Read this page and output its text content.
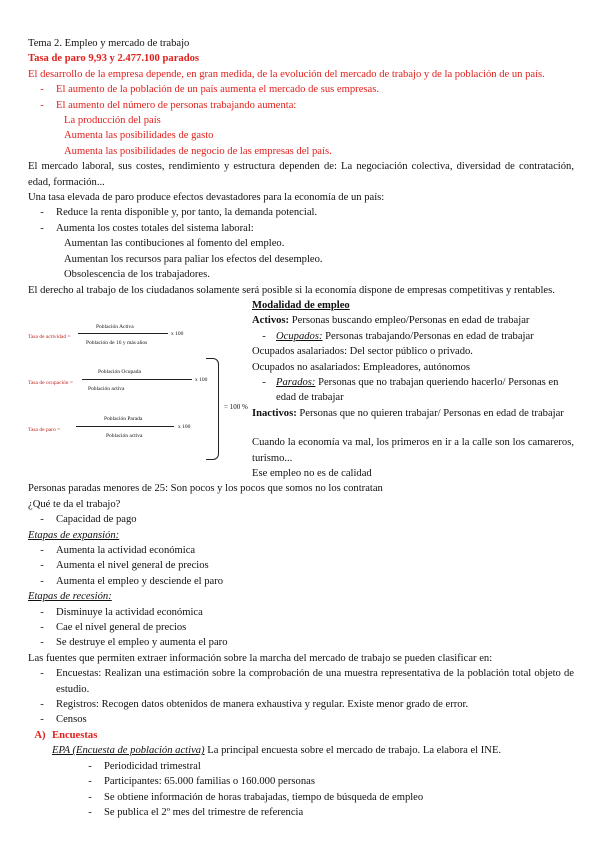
Tema 2. Empleo y mercado de trabajo
Tasa de paro 9,93 y 2.477.100 parados
El desarrollo de la empresa depende, en gran medida, de la evolución del mercado de trabajo y de la población de un país.
-	El aumento de la población de un país aumenta el mercado de sus empresas.
-	El aumento del número de personas trabajando aumenta:
La producción del país
Aumenta las posibilidades de gasto
Aumenta las posibilidades de negocio de las empresas del país.
El mercado laboral, sus costes, rendimiento y estructura dependen de: La negociación colectiva, diversidad de contratación, edad, formación...
Una tasa elevada de paro produce efectos devastadores para la economía de un país:
-	Reduce la renta disponible y, por tanto, la demanda potencial.
-	Aumenta los costes totales del sistema laboral:
Aumentan las contibuciones al fomento del empleo.
Aumentan los recursos para paliar los efectos del desempleo.
Obsolescencia de los trabajadores.
El derecho al trabajo de los ciudadanos solamente será posible si la economía dispone de empresas competitivas y rentables.
Tasa de actividad =
Población Activa
Población de 16 y más años
x 100
Tasa de ocupación =
Población Ocupada
Población activa
x 100
Tasa de paro =
Población Parada
Población activa
x 100
= 100 %
Modalidad de empleo
Activos: Personas buscando empleo/Personas en edad de trabajar
- Ocupados: Personas trabajando/Personas en edad de trabajar
Ocupados asalariados: Del sector público o privado.
Ocupados no asalariados: Empleadores, autónomos
- Parados: Personas que no trabajan queriendo hacerlo/ Personas en edad de trabajar
Inactivos: Personas que no quieren trabajar/ Personas en edad de trabajar
Cuando la economía va mal, los primeros en ir a la calle son los camareros, turismo...
Ese empleo no es de calidad
Personas paradas menores de 25: Son pocos y los pocos que somos no los contratan
¿Qué te da el trabajo?
-	Capacidad de pago
Etapas de expansión:
-	Aumenta la actividad económica
-	Aumenta el nivel general de precios
-	Aumenta el empleo y desciende el paro
Etapas de recesión:
-	Disminuye la actividad económica
-	Cae el nivel general de precios
-	Se destruye el empleo y aumenta el paro
Las fuentes que permiten extraer información sobre la marcha del mercado de trabajo se pueden clasificar en:
-	Encuestas: Realizan una estimación sobre la comprobación de una muestra representativa de la población total objeto de estudio.
-	Registros: Recogen datos obtenidos de manera exhaustiva y regular. Existe menor grado de error.
-	Censos
A) Encuestas
EPA (Encuesta de población activa) La principal encuesta sobre el mercado de trabajo. La elabora el INE.
-	Periodicidad trimestral
-	Participantes: 65.000 familias o 160.000 personas
-	Se obtiene información de horas trabajadas, tiempo de búsqueda de empleo
-	Se publica el 2º mes del trimestre de referencia
